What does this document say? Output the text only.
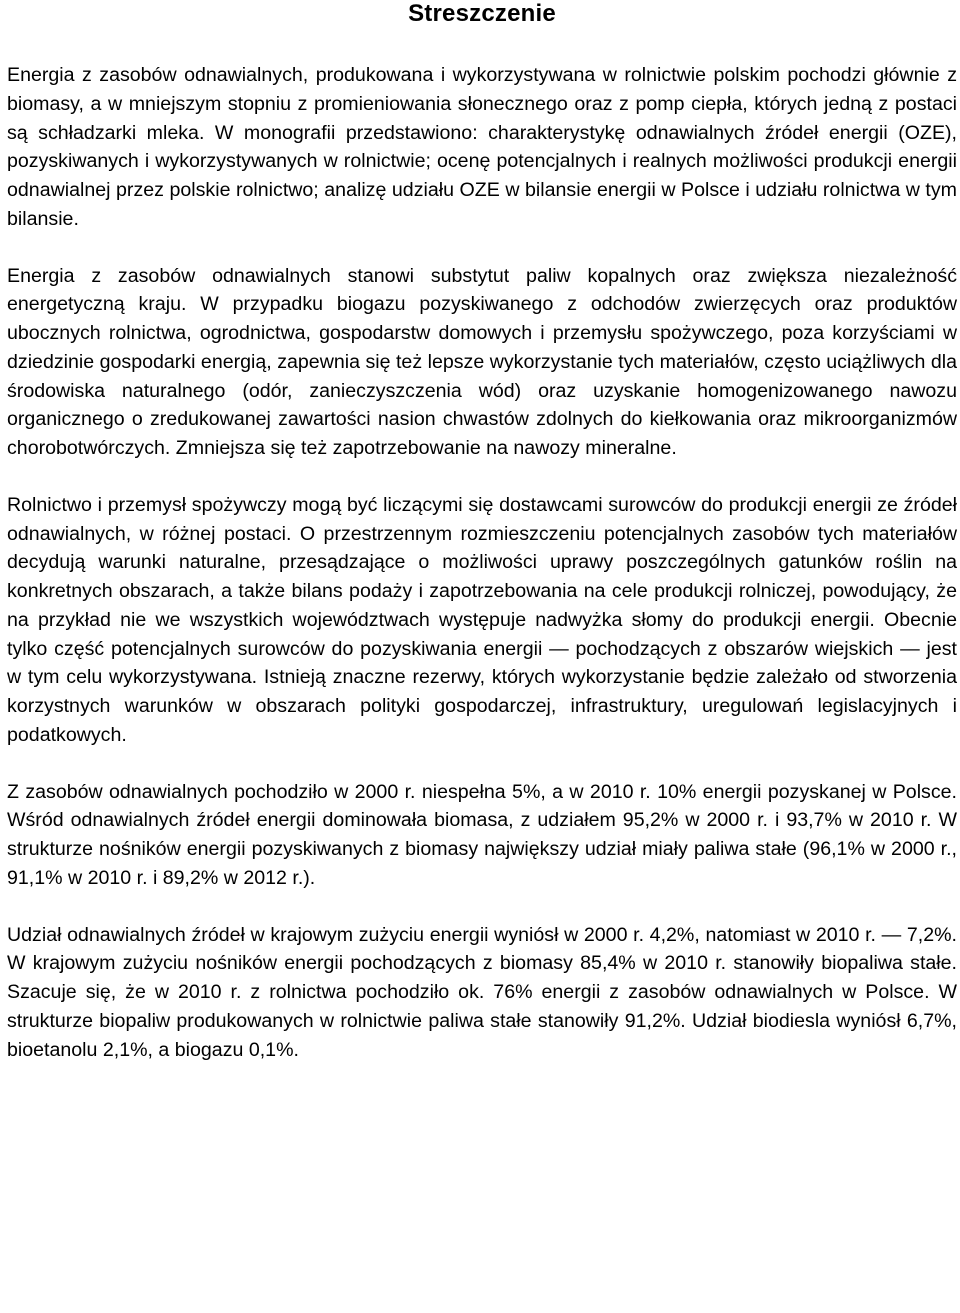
Streszczenie

Energia z zasobów odnawialnych, produkowana i wykorzystywana w rolnictwie polskim pochodzi głównie z biomasy, a w mniejszym stopniu z promieniowania słonecznego oraz z pomp ciepła, których jedną z postaci są schładzarki mleka. W monografii przedstawiono: charakterystykę odnawialnych źródeł energii (OZE), pozyskiwanych i wykorzystywanych w rolnictwie; ocenę potencjalnych i realnych możliwości produkcji energii odnawialnej przez polskie rolnictwo; analizę udziału OZE w bilansie energii w Polsce i udziału rolnictwa w tym bilansie.

Energia z zasobów odnawialnych stanowi substytut paliw kopalnych oraz zwiększa niezależność energetyczną kraju. W przypadku biogazu pozyskiwanego z odchodów zwierzęcych oraz produktów ubocznych rolnictwa, ogrodnictwa, gospodarstw domowych i przemysłu spożywczego, poza korzyściami w dziedzinie gospodarki energią, zapewnia się też lepsze wykorzystanie tych materiałów, często uciążliwych dla środowiska naturalnego (odór, zanieczyszczenia wód) oraz uzyskanie homogenizowanego nawozu organicznego o zredukowanej zawartości nasion chwastów zdolnych do kiełkowania oraz mikroorganizmów chorobotwórczych. Zmniejsza się też zapotrzebowanie na nawozy mineralne.

Rolnictwo i przemysł spożywczy mogą być liczącymi się dostawcami surowców do produkcji energii ze źródeł odnawialnych, w różnej postaci. O przestrzennym rozmieszczeniu potencjalnych zasobów tych materiałów decydują warunki naturalne, przesądzające o możliwości uprawy poszczególnych gatunków roślin na konkretnych obszarach, a także bilans podaży i zapotrzebowania na cele produkcji rolniczej, powodujący, że na przykład nie we wszystkich województwach występuje nadwyżka słomy do produkcji energii. Obecnie tylko część potencjalnych surowców do pozyskiwania energii — pochodzących z obszarów wiejskich — jest w tym celu wykorzystywana. Istnieją znaczne rezerwy, których wykorzystanie będzie zależało od stworzenia korzystnych warunków w obszarach polityki gospodarczej, infrastruktury, uregulowań legislacyjnych i podatkowych.

Z zasobów odnawialnych pochodziło w 2000 r. niespełna 5%, a w 2010 r. 10% energii pozyskanej w Polsce. Wśród odnawialnych źródeł energii dominowała biomasa, z udziałem 95,2% w 2000 r. i 93,7% w 2010 r. W strukturze nośników energii pozyskiwanych z biomasy największy udział miały paliwa stałe (96,1% w 2000 r., 91,1% w 2010 r. i 89,2% w 2012 r.).

Udział odnawialnych źródeł w krajowym zużyciu energii wyniósł w 2000 r. 4,2%, natomiast w 2010 r. — 7,2%. W krajowym zużyciu nośników energii pochodzących z biomasy 85,4% w 2010 r. stanowiły biopaliwa stałe. Szacuje się, że w 2010 r. z rolnictwa pochodziło ok. 76% energii z zasobów odnawialnych w Polsce. W strukturze biopaliw produkowanych w rolnictwie paliwa stałe stanowiły 91,2%. Udział biodiesla wyniósł 6,7%, bioetanolu 2,1%, a biogazu 0,1%.
